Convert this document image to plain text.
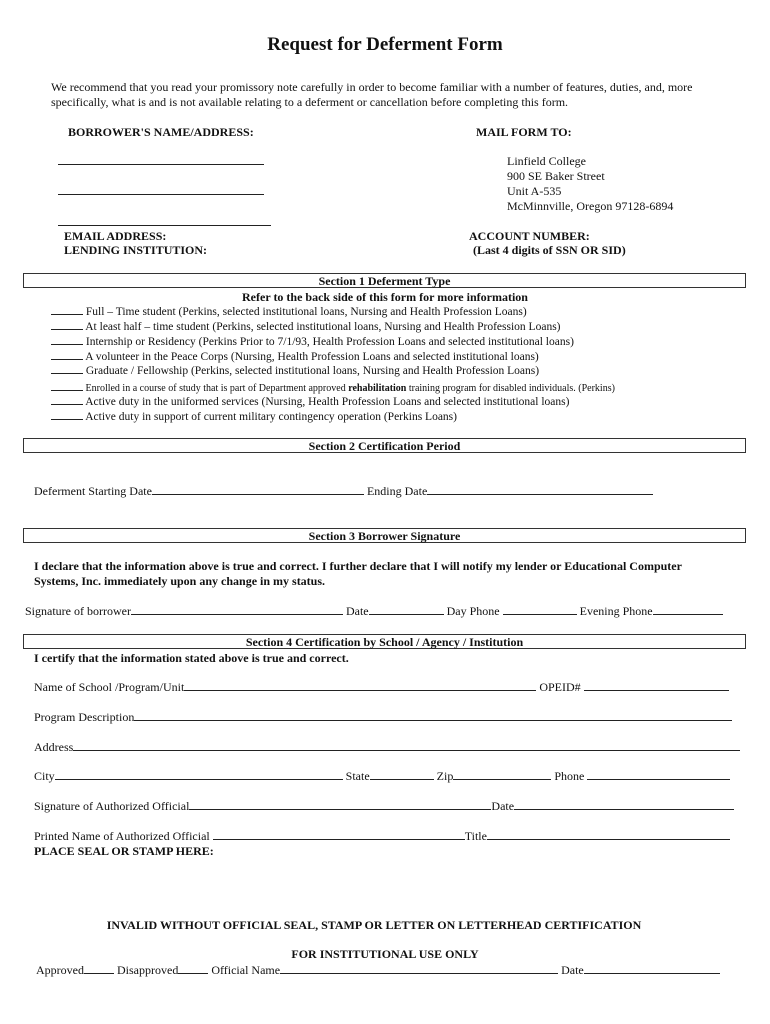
Request for Deferment Form
We recommend that you read your promissory note carefully in order to become familiar with a number of features, duties, and, more specifically, what is and is not available relating to a deferment or cancellation before completing this form.
BORROWER'S NAME/ADDRESS:
EMAIL ADDRESS:
LENDING INSTITUTION:
MAIL FORM TO:
Linfield College
900 SE Baker Street
Unit A-535
McMinnville, Oregon 97128-6894
ACCOUNT NUMBER:
(Last 4 digits of SSN OR SID)
Section 1 Deferment Type
Refer to the back side of this form for more information
Full – Time student (Perkins, selected institutional loans, Nursing and Health Profession Loans)
At least half – time student (Perkins, selected institutional loans, Nursing and Health Profession Loans)
Internship or Residency (Perkins Prior to 7/1/93, Health Profession Loans and selected institutional loans)
A volunteer in the Peace Corps (Nursing, Health Profession Loans and selected institutional loans)
Graduate / Fellowship (Perkins, selected institutional loans, Nursing and Health Profession Loans)
Enrolled in a course of study that is part of Department approved rehabilitation training program for disabled individuals. (Perkins)
Active duty in the uniformed services (Nursing, Health Profession Loans and selected institutional loans)
Active duty in support of current military contingency operation (Perkins Loans)
Section 2 Certification Period
Deferment Starting Date	Ending Date
Section 3 Borrower Signature
I declare that the information above is true and correct. I further declare that I will notify my lender or Educational Computer
Systems, Inc. immediately upon any change in my status.
Signature of borrower	Date	Day Phone	Evening Phone
Section 4 Certification by School / Agency / Institution
I certify that the information stated above is true and correct.
Name of School /Program/Unit	OPEID#
Program Description
Address
City	State	Zip	Phone
Signature of Authorized Official	Date
Printed Name of Authorized Official	Title
PLACE SEAL OR STAMP HERE:
INVALID WITHOUT OFFICIAL SEAL, STAMP OR LETTER ON LETTERHEAD CERTIFICATION
FOR INSTITUTIONAL USE ONLY
Approved	Disapproved	Official Name	Date
